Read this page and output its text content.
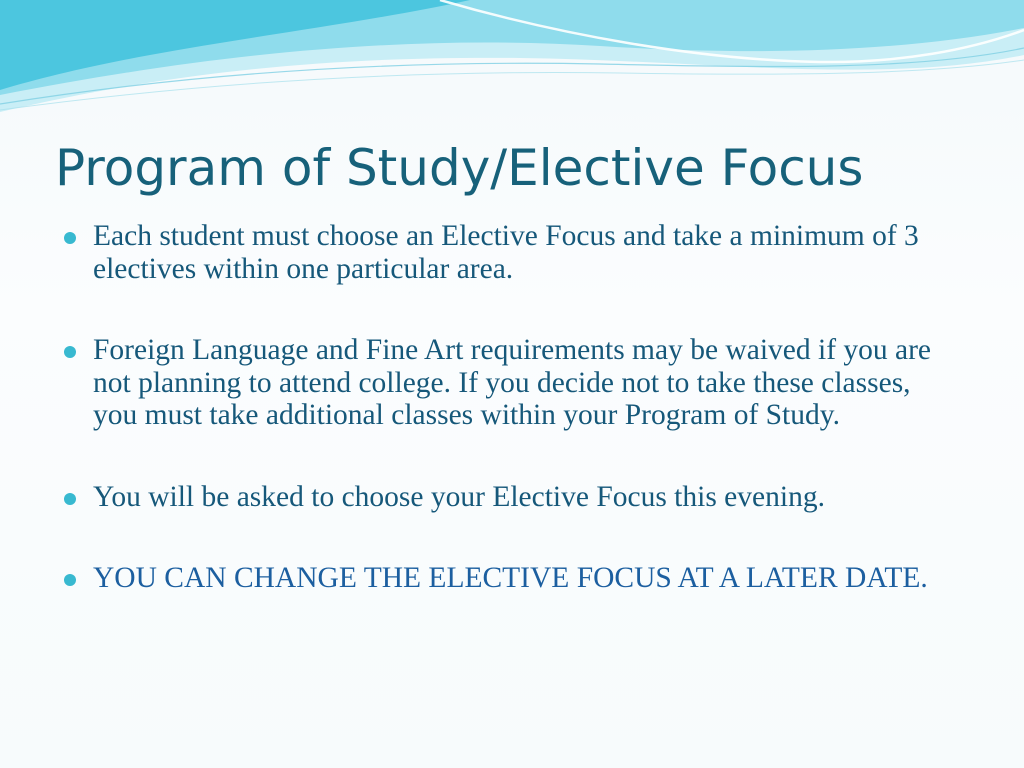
Program of Study/Elective Focus
Each student must choose an Elective Focus and take a minimum of 3 electives within one particular area.
Foreign Language and Fine Art requirements may be waived if you are not planning to attend college. If you decide not to take these classes, you must take additional classes within your Program of Study.
You will be asked to choose your Elective Focus this evening.
YOU CAN CHANGE THE ELECTIVE FOCUS AT A LATER DATE.
